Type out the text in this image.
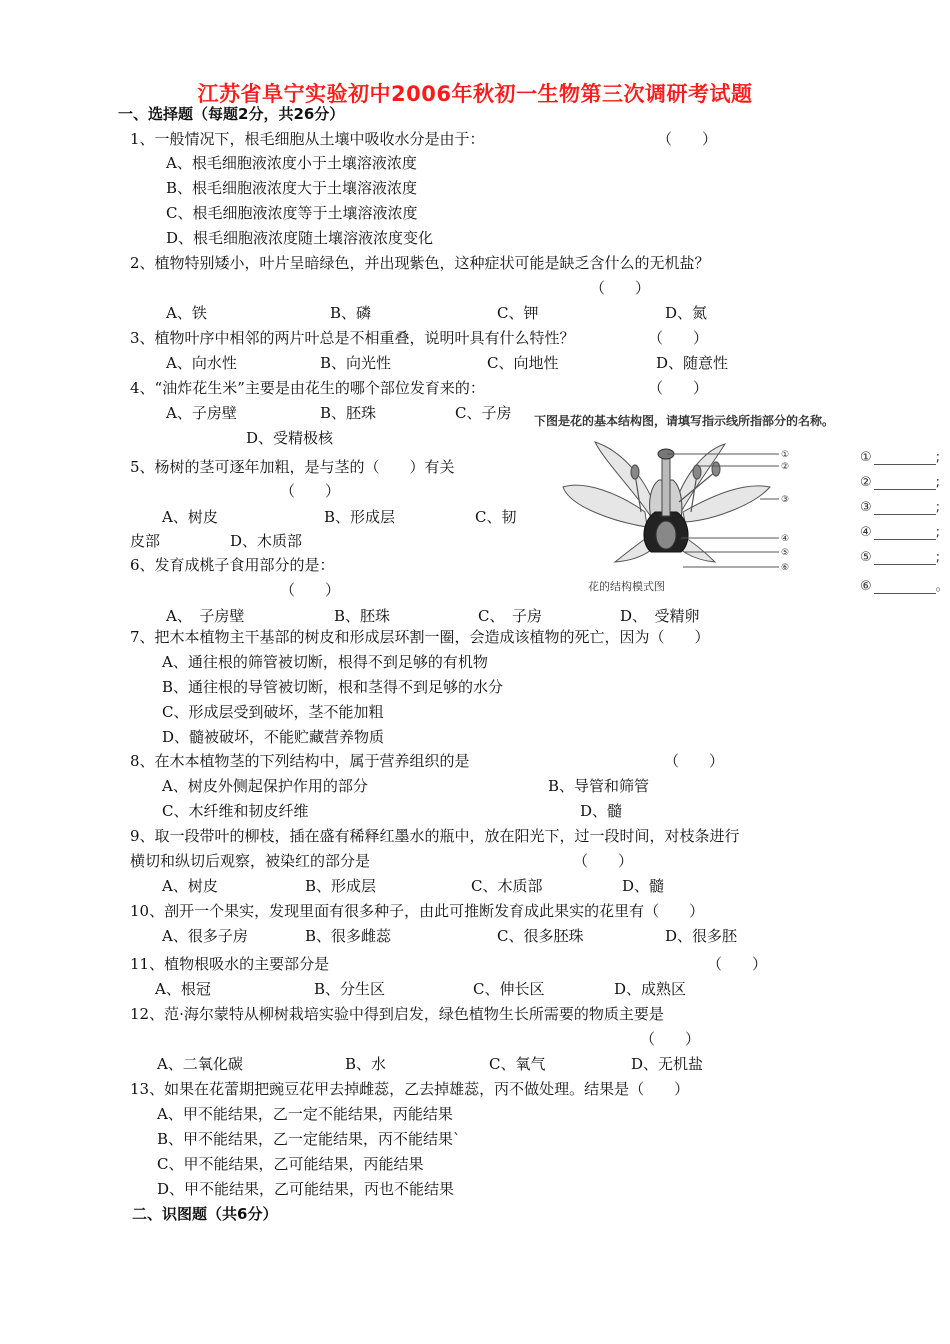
江苏省阜宁实验初中2006年秋初一生物第三次调研考试题
一、选择题（每题2分，共26分）
1、一般情况下，根毛细胞从土壤中吸收水分是由于：	（　　）
A、根毛细胞液浓度小于土壤溶液浓度
B、根毛细胞液浓度大于土壤溶液浓度
C、根毛细胞液浓度等于土壤溶液浓度
D、根毛细胞液浓度随土壤溶液浓度变化
2、植物特别矮小，叶片呈暗绿色，并出现紫色，这种症状可能是缺乏含什么的无机盐？
（　　）
A、铁	B、磷	C、钾	D、氮
3、植物叶序中相邻的两片叶总是不相重叠，说明叶具有什么特性？	（　　）
A、向水性	B、向光性	C、向地性	D、随意性
4、“油炸花生米”主要是由花生的哪个部位发育来的：	（　　）
A、子房壁	B、胚珠	C、子房
D、受精极核
5、杨树的茎可逐年加粗，是与茎的（　　）有关
（　　）
A、树皮	B、形成层	C、韧
皮部	D、木质部
6、发育成桃子食用部分的是：
（　　）
A、　子房壁	B、胚珠	C、　子房	D、　受精卵
7、把木本植物主干基部的树皮和形成层环割一圈，会造成该植物的死亡，因为（　　）
A、通往根的筛管被切断，根得不到足够的有机物
B、通往根的导管被切断，根和茎得不到足够的水分
C、形成层受到破坏，茎不能加粗
D、髓被破坏，不能贮藏营养物质
8、在木本植物茎的下列结构中，属于营养组织的是	（　　）
A、树皮外侧起保护作用的部分	B、导管和筛管
C、木纤维和韧皮纤维	D、髓
9、取一段带叶的柳枝，插在盛有稀释红墨水的瓶中，放在阳光下，过一段时间，对枝条进行
横切和纵切后观察，被染红的部分是	（　　）
A、树皮	B、形成层	C、木质部	D、髓
10、剖开一个果实，发现里面有很多种子，由此可推断发育成此果实的花里有（　　）
A、很多子房	B、很多雌蕊	C、很多胚珠	D、很多胚
11、植物根吸水的主要部分是	（　　）
A、根冠	B、分生区	C、伸长区	D、成熟区
12、范·海尔蒙特从柳树栽培实验中得到启发，绿色植物生长所需要的物质主要是
（　　）
A、二氧化碳	B、水	C、氧气	D、无机盐
13、如果在花蕾期把豌豆花甲去掉雌蕊，乙去掉雄蕊，丙不做处理。结果是（　　）
A、甲不能结果，乙一定不能结果，丙能结果
B、甲不能结果，乙一定能结果，丙不能结果`
C、甲不能结果，乙可能结果，丙能结果
D、甲不能结果，乙可能结果，丙也不能结果
二、识图题（共6分）
下图是花的基本结构图，请填写指示线所指部分的名称。
①
②
③
④
⑤
⑥
花的结构模式图
①	;
②	;
③	;
④	;
⑤	;
⑥	。
